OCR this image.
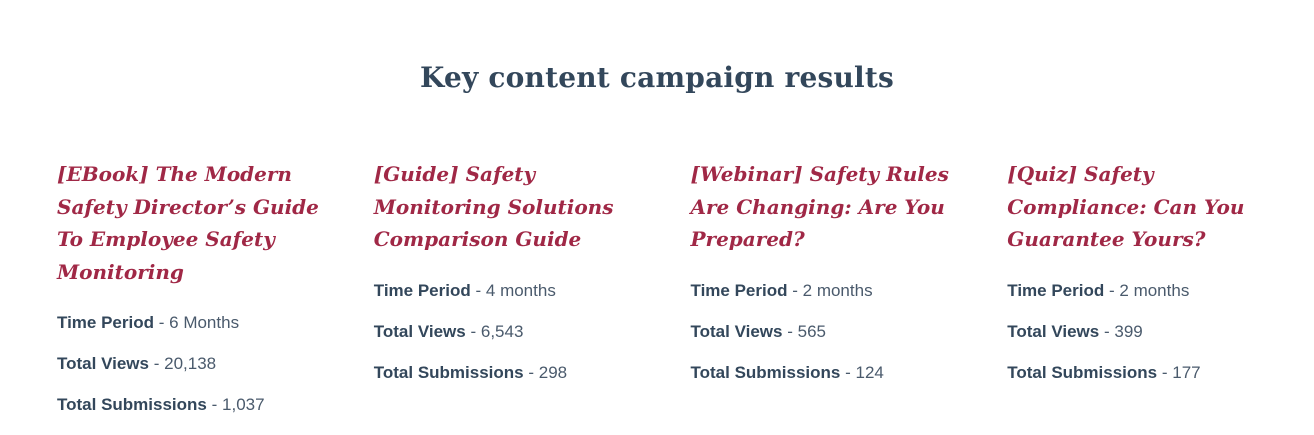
Key content campaign results
[EBook] The Modern Safety Director’s Guide To Employee Safety Monitoring

Time Period - 6 Months

Total Views - 20,138

Total Submissions - 1,037

[Guide] Safety Monitoring Solutions Comparison Guide

Time Period - 4 months

Total Views - 6,543

Total Submissions - 298

[Webinar] Safety Rules Are Changing: Are You Prepared?

Time Period - 2 months

Total Views - 565

Total Submissions - 124

[Quiz] Safety Compliance: Can You Guarantee Yours?

Time Period - 2 months

Total Views - 399

Total Submissions - 177
